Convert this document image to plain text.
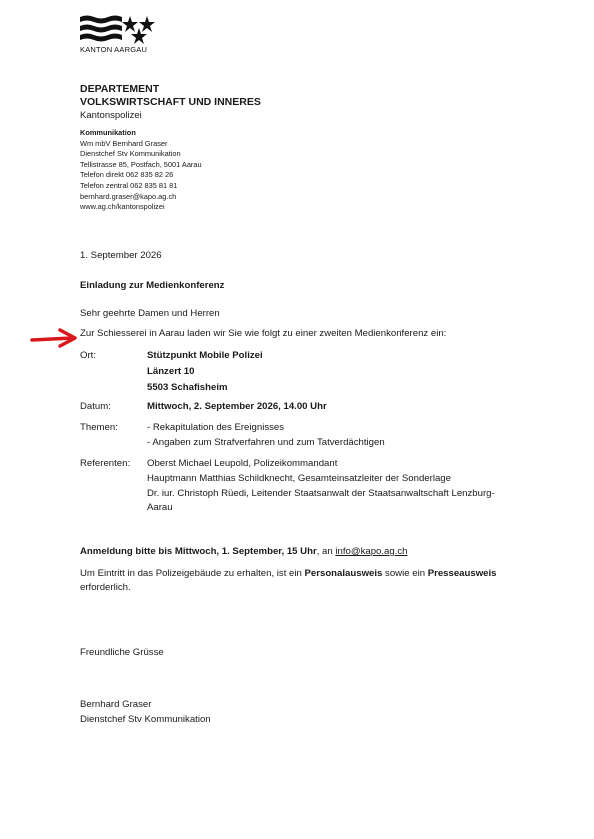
KANTON AARGAU
DEPARTEMENT
VOLKSWIRTSCHAFT UND INNERES
Kantonspolizei
Kommunikation
Wm mbV Bernhard Graser
Dienstchef Stv Kommunikation
Tellistrasse 85, Postfach, 5001 Aarau
Telefon direkt 062 835 82 26
Telefon zentral 062 835 81 81
bernhard.graser@kapo.ag.ch
www.ag.ch/kantonspolizei
1. September 2026
Einladung zur Medienkonferenz
Sehr geehrte Damen und Herren
Zur Schiesserei in Aarau laden wir Sie wie folgt zu einer zweiten Medienkonferenz ein:
Ort:	Stützpunkt Mobile Polizei
Länzert 10
5503 Schafisheim
Datum:	Mittwoch, 2. September 2026, 14.00 Uhr
Themen:	- Rekapitulation des Ereignisses
- Angaben zum Strafverfahren und zum Tatverdächtigen
Referenten: Oberst Michael Leupold, Polizeikommandant
Hauptmann Matthias Schildknecht, Gesamteinsatzleiter der Sonderlage
Dr. iur. Christoph Rüedi, Leitender Staatsanwalt der Staatsanwaltschaft Lenzburg-
Aarau
Anmeldung bitte bis Mittwoch, 1. September, 15 Uhr, an info@kapo.ag.ch
Um Eintritt in das Polizeigebäude zu erhalten, ist ein Personalausweis sowie ein Presseausweis
erforderlich.
Freundliche Grüsse
Bernhard Graser
Dienstchef Stv Kommunikation
